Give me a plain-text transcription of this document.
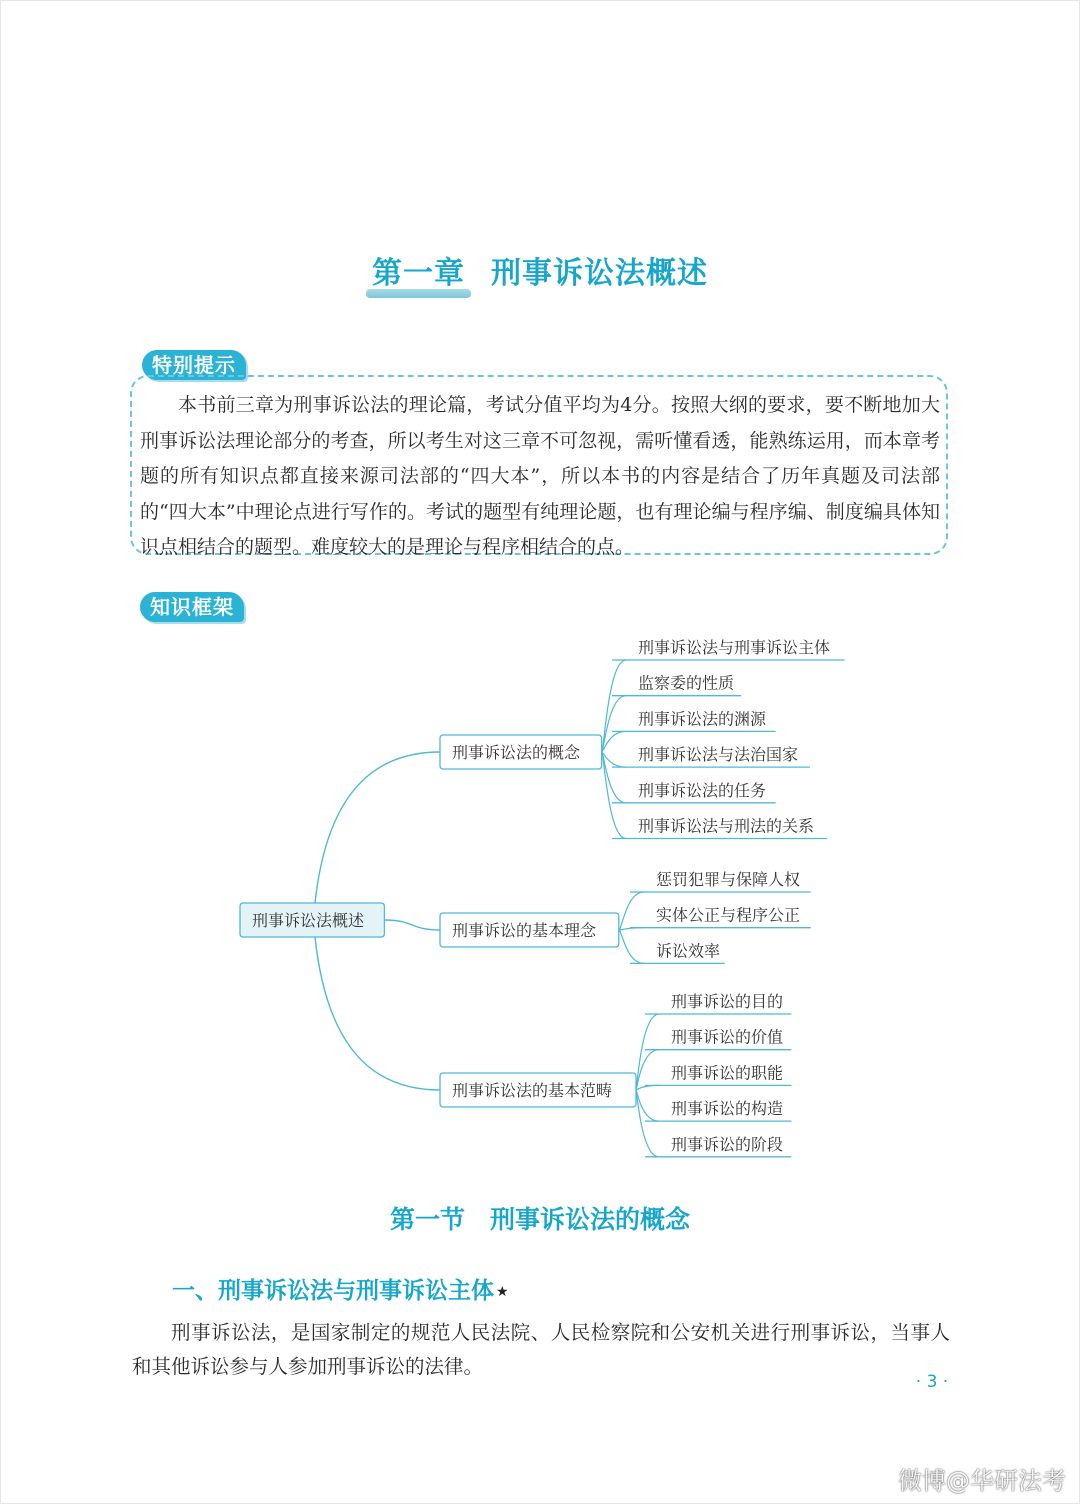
第一章 刑事诉讼法概述
特别提示
本书前三章为刑事诉讼法的理论篇，考试分值平均为4分。按照大纲的要求，要不断地加大刑事诉讼法理论部分的考查，所以考生对这三章不可忽视，需听懂看透，能熟练运用，而本章考题的所有知识点都直接来源司法部的“四大本”，所以本书的内容是结合了历年真题及司法部的“四大本”中理论点进行写作的。考试的题型有纯理论题，也有理论编与程序编、制度编具体知识点相结合的题型。难度较大的是理论与程序相结合的点。
知识框架
刑事诉讼法概述
刑事诉讼法的概念
刑事诉讼法与刑事诉讼主体
监察委的性质
刑事诉讼法的渊源
刑事诉讼法与法治国家
刑事诉讼法的任务
刑事诉讼法与刑法的关系
刑事诉讼的基本理念
惩罚犯罪与保障人权
实体公正与程序公正
诉讼效率
刑事诉讼法的基本范畴
刑事诉讼的目的
刑事诉讼的价值
刑事诉讼的职能
刑事诉讼的构造
刑事诉讼的阶段
第一节　刑事诉讼法的概念
一、刑事诉讼法与刑事诉讼主体 ★
刑事诉讼法，是国家制定的规范人民法院、人民检察院和公安机关进行刑事诉讼，当事人和其他诉讼参与人参加刑事诉讼的法律。
· 3 ·
微博@华研法考
